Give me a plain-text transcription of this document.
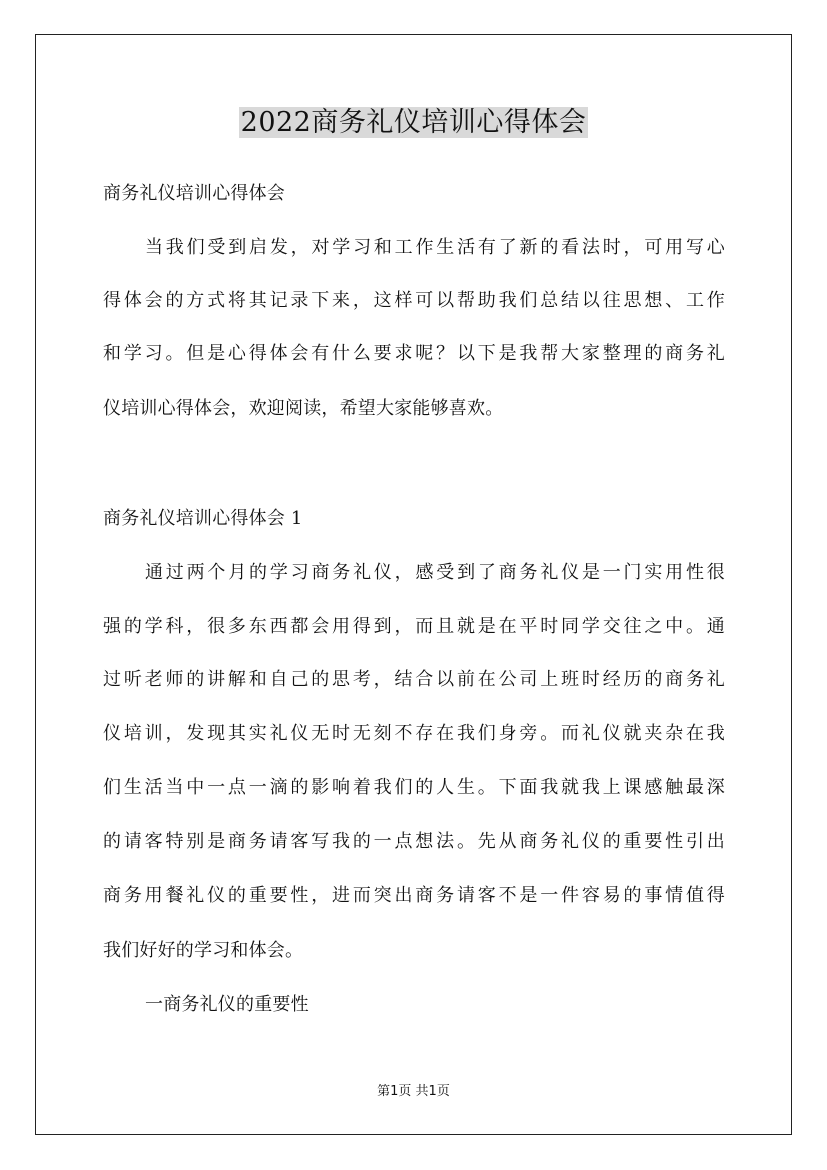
2022商务礼仪培训心得体会
商务礼仪培训心得体会
当我们受到启发，对学习和工作生活有了新的看法时，可用写心
得体会的方式将其记录下来，这样可以帮助我们总结以往思想、工作
和学习。但是心得体会有什么要求呢？以下是我帮大家整理的商务礼
仪培训心得体会，欢迎阅读，希望大家能够喜欢。
商务礼仪培训心得体会 1
通过两个月的学习商务礼仪，感受到了商务礼仪是一门实用性很
强的学科，很多东西都会用得到，而且就是在平时同学交往之中。通
过听老师的讲解和自己的思考，结合以前在公司上班时经历的商务礼
仪培训，发现其实礼仪无时无刻不存在我们身旁。而礼仪就夹杂在我
们生活当中一点一滴的影响着我们的人生。下面我就我上课感触最深
的请客特别是商务请客写我的一点想法。先从商务礼仪的重要性引出
商务用餐礼仪的重要性，进而突出商务请客不是一件容易的事情值得
我们好好的学习和体会。
一商务礼仪的重要性
第1页 共1页
